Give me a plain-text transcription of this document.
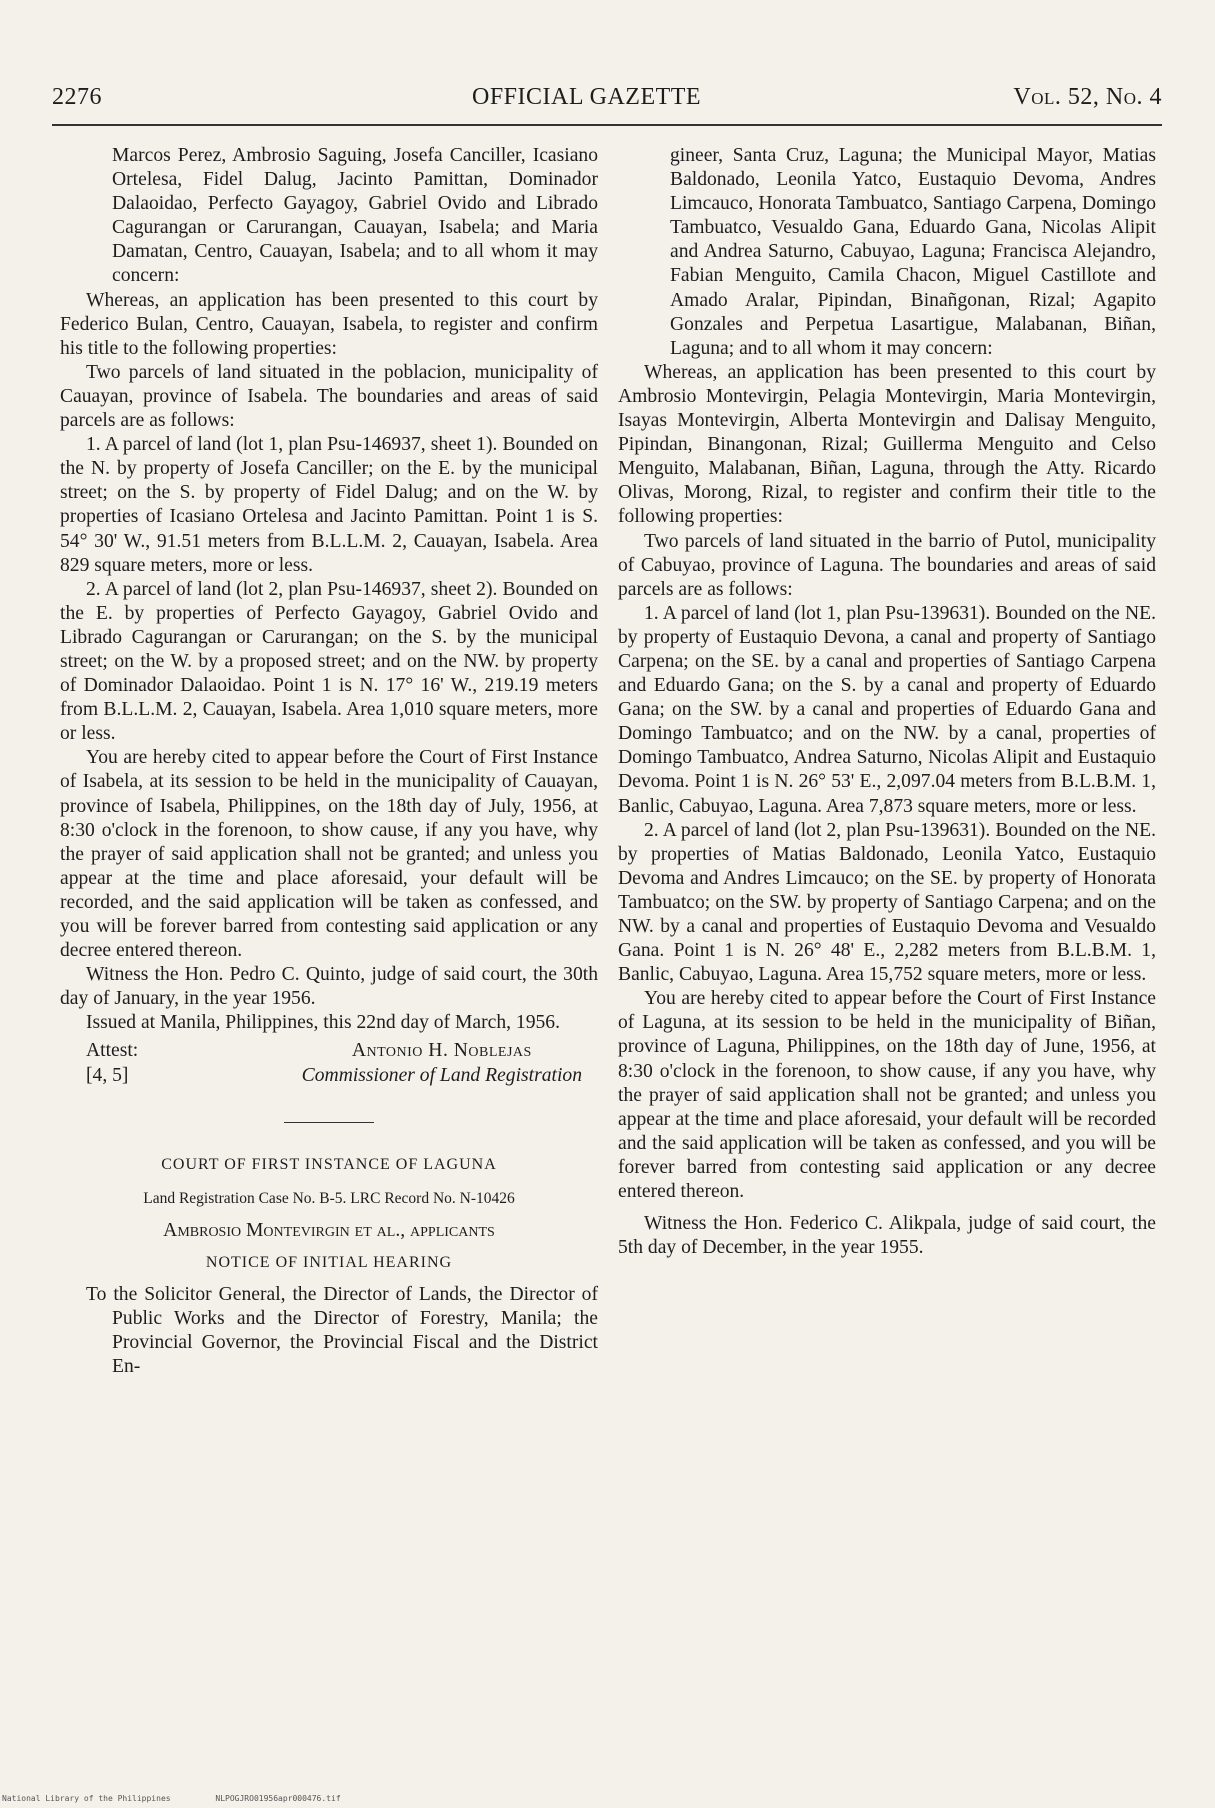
2276	OFFICIAL GAZETTE	Vol. 52, No. 4

Marcos Perez, Ambrosio Saguing, Josefa Canciller, Icasiano Ortelesa, Fidel Dalug, Jacinto Pamittan, Dominador Dalaoidao, Perfecto Gayagoy, Gabriel Ovido and Librado Cagurangan or Carurangan, Cauayan, Isabela; and Maria Damatan, Centro, Cauayan, Isabela; and to all whom it may concern:

Whereas, an application has been presented to this court by Federico Bulan, Centro, Cauayan, Isabela, to register and confirm his title to the following properties:

Two parcels of land situated in the poblacion, municipality of Cauayan, province of Isabela. The boundaries and areas of said parcels are as follows:

1. A parcel of land (lot 1, plan Psu-146937, sheet 1). Bounded on the N. by property of Josefa Canciller; on the E. by the municipal street; on the S. by property of Fidel Dalug; and on the W. by properties of Icasiano Ortelesa and Jacinto Pamittan. Point 1 is S. 54° 30' W., 91.51 meters from B.L.L.M. 2, Cauayan, Isabela. Area 829 square meters, more or less.

2. A parcel of land (lot 2, plan Psu-146937, sheet 2). Bounded on the E. by properties of Perfecto Gayagoy, Gabriel Ovido and Librado Cagurangan or Carurangan; on the S. by the municipal street; on the W. by a proposed street; and on the NW. by property of Dominador Dalaoidao. Point 1 is N. 17° 16' W., 219.19 meters from B.L.L.M. 2, Cauayan, Isabela. Area 1,010 square meters, more or less.

You are hereby cited to appear before the Court of First Instance of Isabela, at its session to be held in the municipality of Cauayan, province of Isabela, Philippines, on the 18th day of July, 1956, at 8:30 o'clock in the forenoon, to show cause, if any you have, why the prayer of said application shall not be granted; and unless you appear at the time and place aforesaid, your default will be recorded, and the said application will be taken as confessed, and you will be forever barred from contesting said application or any decree entered thereon.

Witness the Hon. Pedro C. Quinto, judge of said court, the 30th day of January, in the year 1956.

Issued at Manila, Philippines, this 22nd day of March, 1956.

Attest:
[4, 5]
Antonio H. Noblejas
Commissioner of Land Registration

COURT OF FIRST INSTANCE OF LAGUNA

Land Registration Case No. B-5. LRC Record No. N-10426

Ambrosio Montevirgin et al., applicants

NOTICE OF INITIAL HEARING

To the Solicitor General, the Director of Lands, the Director of Public Works and the Director of Forestry, Manila; the Provincial Governor, the Provincial Fiscal and the District En-

gineer, Santa Cruz, Laguna; the Municipal Mayor, Matias Baldonado, Leonila Yatco, Eustaquio Devoma, Andres Limcauco, Honorata Tambuatco, Santiago Carpena, Domingo Tambuatco, Vesualdo Gana, Eduardo Gana, Nicolas Alipit and Andrea Saturno, Cabuyao, Laguna; Francisca Alejandro, Fabian Menguito, Camila Chacon, Miguel Castillote and Amado Aralar, Pipindan, Binañgonan, Rizal; Agapito Gonzales and Perpetua Lasartigue, Malabanan, Biñan, Laguna; and to all whom it may concern:

Whereas, an application has been presented to this court by Ambrosio Montevirgin, Pelagia Montevirgin, Maria Montevirgin, Isayas Montevirgin, Alberta Montevirgin and Dalisay Menguito, Pipindan, Binangonan, Rizal; Guillerma Menguito and Celso Menguito, Malabanan, Biñan, Laguna, through the Atty. Ricardo Olivas, Morong, Rizal, to register and confirm their title to the following properties:

Two parcels of land situated in the barrio of Putol, municipality of Cabuyao, province of Laguna. The boundaries and areas of said parcels are as follows:

1. A parcel of land (lot 1, plan Psu-139631). Bounded on the NE. by property of Eustaquio Devona, a canal and property of Santiago Carpena; on the SE. by a canal and properties of Santiago Carpena and Eduardo Gana; on the S. by a canal and property of Eduardo Gana; on the SW. by a canal and properties of Eduardo Gana and Domingo Tambuatco; and on the NW. by a canal, properties of Domingo Tambuatco, Andrea Saturno, Nicolas Alipit and Eustaquio Devoma. Point 1 is N. 26° 53' E., 2,097.04 meters from B.L.B.M. 1, Banlic, Cabuyao, Laguna. Area 7,873 square meters, more or less.

2. A parcel of land (lot 2, plan Psu-139631). Bounded on the NE. by properties of Matias Baldonado, Leonila Yatco, Eustaquio Devoma and Andres Limcauco; on the SE. by property of Honorata Tambuatco; on the SW. by property of Santiago Carpena; and on the NW. by a canal and properties of Eustaquio Devoma and Vesualdo Gana. Point 1 is N. 26° 48' E., 2,282 meters from B.L.B.M. 1, Banlic, Cabuyao, Laguna. Area 15,752 square meters, more or less.

You are hereby cited to appear before the Court of First Instance of Laguna, at its session to be held in the municipality of Biñan, province of Laguna, Philippines, on the 18th day of June, 1956, at 8:30 o'clock in the forenoon, to show cause, if any you have, why the prayer of said application shall not be granted; and unless you appear at the time and place aforesaid, your default will be recorded and the said application will be taken as confessed, and you will be forever barred from contesting said application or any decree entered thereon.

Witness the Hon. Federico C. Alikpala, judge of said court, the 5th day of December, in the year 1955.

National Library of the Philippines	NLPOGJRO01956apr000476.tif
